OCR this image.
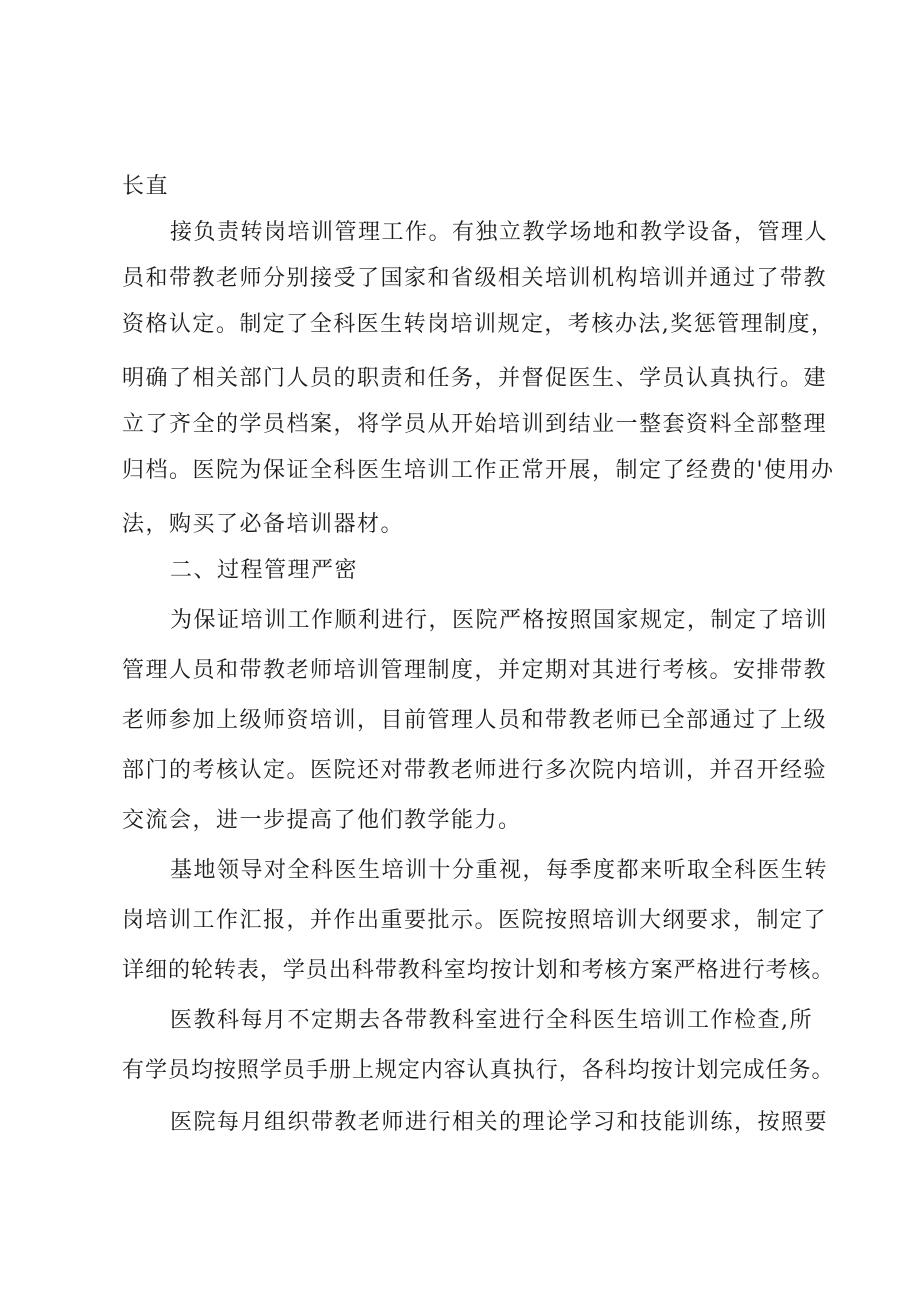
长直
接负责转岗培训管理工作。有独立教学场地和教学设备，管理人
员和带教老师分别接受了国家和省级相关培训机构培训并通过了带教
资格认定。制定了全科医生转岗培训规定，考核办法,奖惩管理制度，
明确了相关部门人员的职责和任务，并督促医生、学员认真执行。建
立了齐全的学员档案，将学员从开始培训到结业一整套资料全部整理
归档。医院为保证全科医生培训工作正常开展，制定了经费的'使用办
法，购买了必备培训器材。
二、过程管理严密
为保证培训工作顺利进行，医院严格按照国家规定，制定了培训
管理人员和带教老师培训管理制度，并定期对其进行考核。安排带教
老师参加上级师资培训，目前管理人员和带教老师已全部通过了上级
部门的考核认定。医院还对带教老师进行多次院内培训，并召开经验
交流会，进一步提高了他们教学能力。
基地领导对全科医生培训十分重视，每季度都来听取全科医生转
岗培训工作汇报，并作出重要批示。医院按照培训大纲要求，制定了
详细的轮转表，学员出科带教科室均按计划和考核方案严格进行考核。
医教科每月不定期去各带教科室进行全科医生培训工作检查,所
有学员均按照学员手册上规定内容认真执行，各科均按计划完成任务。
医院每月组织带教老师进行相关的理论学习和技能训练，按照要
